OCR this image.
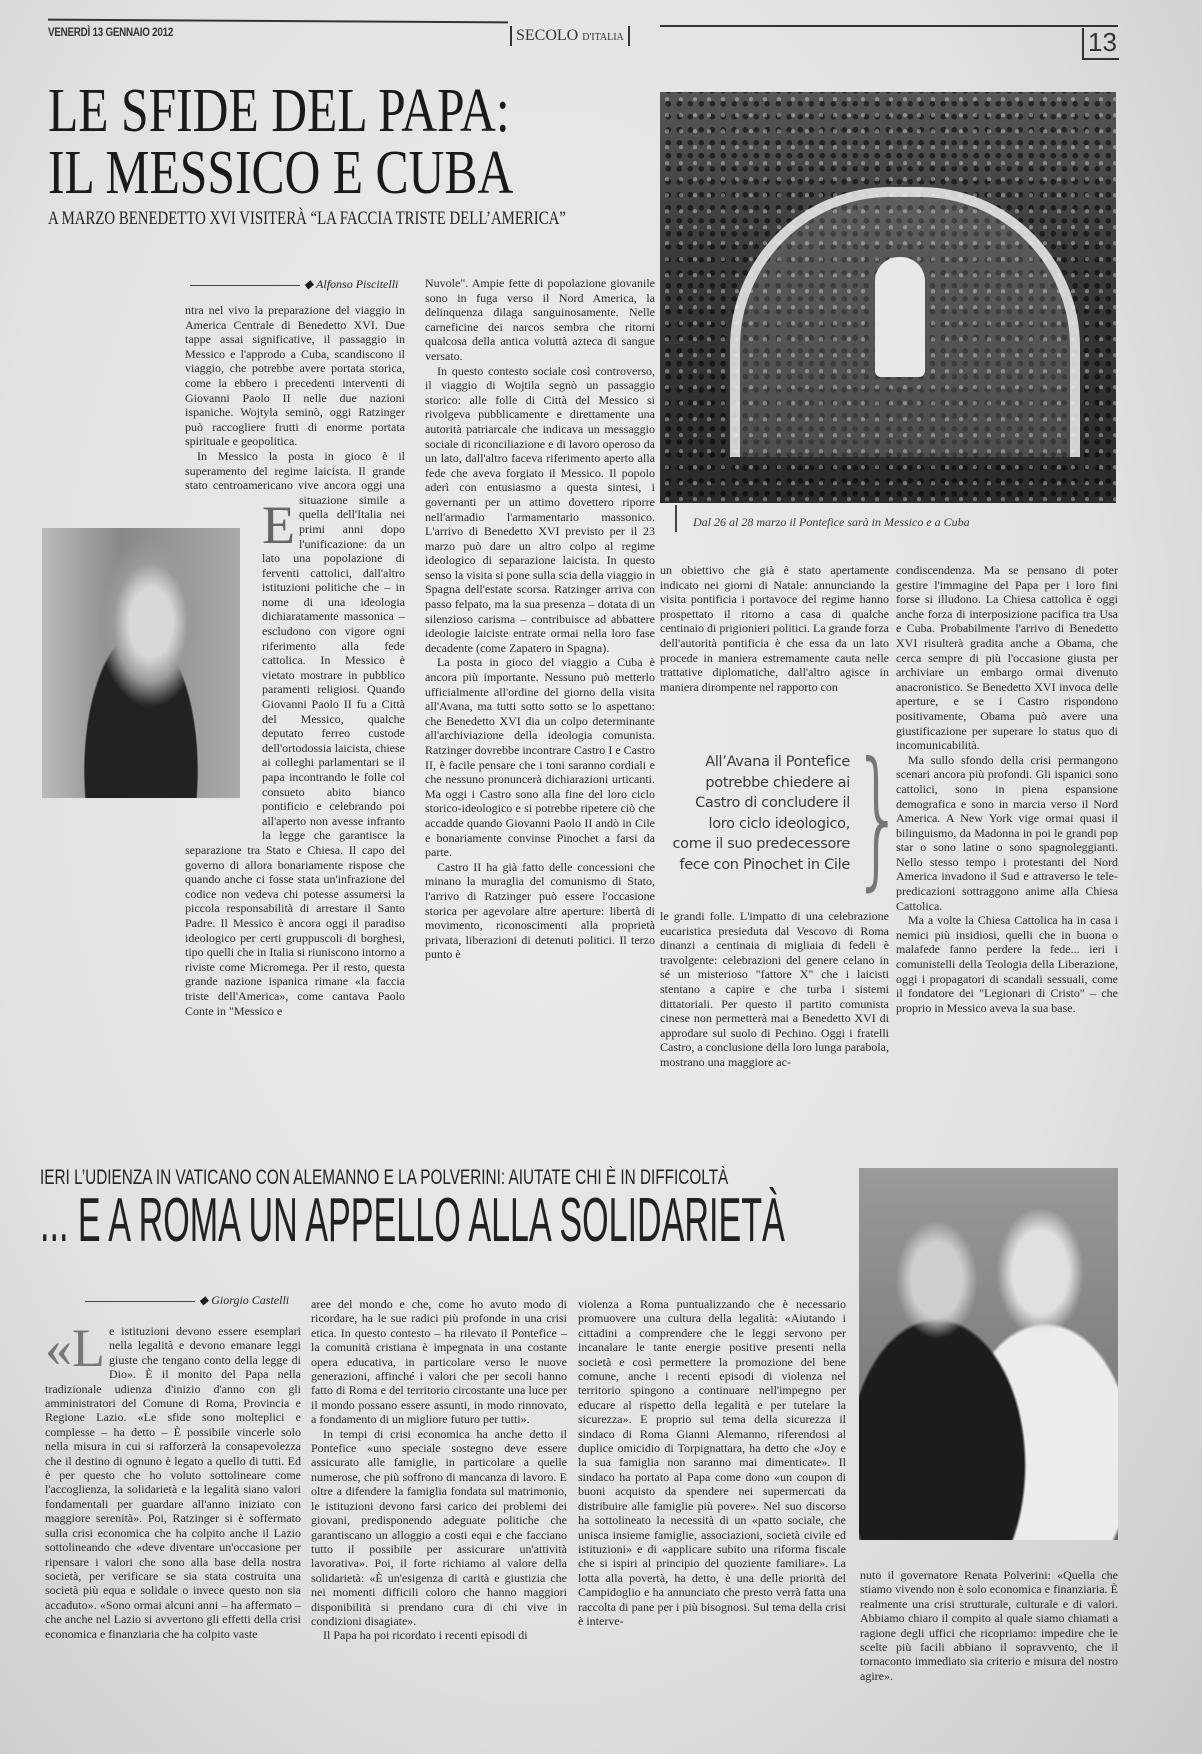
VENERDÌ 13 GENNAIO 2012	SECOLO D'ITALIA	13
LE SFIDE DEL PAPA:
IL MESSICO E CUBA
A MARZO BENEDETTO XVI VISITERÀ “LA FACCIA TRISTE DELL’AMERICA”
Dal 26 al 28 marzo il Pontefice sarà in Messico e a Cuba
◆ Alfonso Piscitelli
E

ntra nel vivo la preparazione del viaggio in America Centrale di Benedetto XVI. Due tappe assai significative, il passaggio in Messico e l'approdo a Cuba, scandiscono il viaggio, che potrebbe avere portata storica, come la ebbero i precedenti interventi di Giovanni Paolo II nelle due nazioni ispaniche. Wojtyla seminò, oggi Ratzinger può raccogliere frutti di enorme portata spirituale e geopolitica.

In Messico la posta in gioco è il superamento del regime laicista. Il grande stato centroamericano vive ancora oggi una situazione simile a quella dell'Italia nei primi anni dopo l'unificazione: da un lato una popolazione di ferventi cattolici, dall'altro istituzioni politiche che – in nome di una ideologia dichiaratamente massonica – escludono con vigore ogni riferimento alla fede cattolica. In Messico è vietato mostrare in pubblico paramenti religiosi. Quando Giovanni Paolo II fu a Città del Messico, qualche deputato ferreo custode dell'ortodossia laicista, chiese ai colleghi parlamentari se il papa incontrando le folle col consueto abito bianco pontificio e celebrando poi all'aperto non avesse infranto la legge che garantisce la separazione tra Stato e Chiesa. Il capo del governo di allora bonariamente rispose che quando anche ci fosse stata un'infrazione del codice non vedeva chi potesse assumersi la piccola responsabilità di arrestare il Santo Padre. Il Messico è ancora oggi il paradiso ideologico per certi gruppuscoli di borghesi, tipo quelli che in Italia si riuniscono intorno a riviste come Micromega. Per il resto, questa grande nazione ispanica rimane «la faccia triste dell'America», come cantava Paolo Conte in "Messico e

Nuvole". Ampie fette di popolazione giovanile sono in fuga verso il Nord America, la delinquenza dilaga sanguinosamente. Nelle carneficine dei narcos sembra che ritorni qualcosa della antica voluttà azteca di sangue versato.

In questo contesto sociale così controverso, il viaggio di Wojtila segnò un passaggio storico: alle folle di Città del Messico si rivolgeva pubblicamente e direttamente una autorità patriarcale che indicava un messaggio sociale di riconciliazione e di lavoro operoso da un lato, dall'altro faceva riferimento aperto alla fede che aveva forgiato il Messico. Il popolo aderì con entusiasmo a questa sintesi, i governanti per un attimo dovettero riporre nell'armadio l'armamentario massonico. L'arrivo di Benedetto XVI previsto per il 23 marzo può dare un altro colpo al regime ideologico di separazione laicista. In questo senso la visita si pone sulla scia della viaggio in Spagna dell'estate scorsa. Ratzinger arriva con passo felpato, ma la sua presenza – dotata di un silenzioso carisma – contribuisce ad abbattere ideologie laiciste entrate ormai nella loro fase decadente (come Zapatero in Spagna).

La posta in gioco del viaggio a Cuba è ancora più importante. Nessuno può metterlo ufficialmente all'ordine del giorno della visita all'Avana, ma tutti sotto sotto se lo aspettano: che Benedetto XVI dia un colpo determinante all'archiviazione della ideologia comunista. Ratzinger dovrebbe incontrare Castro I e Castro II, è facile pensare che i toni saranno cordiali e che nessuno pronuncerà dichiarazioni urticanti. Ma oggi i Castro sono alla fine del loro ciclo storico-ideologico e si potrebbe ripetere ciò che accadde quando Giovanni Paolo II andò in Cile e bonariamente convinse Pinochet a farsi da parte.

Castro II ha già fatto delle concessioni che minano la muraglia del comunismo di Stato, l'arrivo di Ratzinger può essere l'occasione storica per agevolare altre aperture: libertà di movimento, riconoscimenti alla proprietà privata, liberazioni di detenuti politici. Il terzo punto è

un obiettivo che già è stato apertamente indicato nei giorni di Natale: annunciando la visita pontificia i portavoce del regime hanno prospettato il ritorno a casa di qualche centinaio di prigionieri politici. La grande forza dell'autorità pontificia è che essa da un lato procede in maniera estremamente cauta nelle trattative diplomatiche, dall'altro agisce in maniera dirompente nel rapporto con

All’Avana il Pontefice potrebbe chiedere ai Castro di concludere il loro ciclo ideologico, come il suo predecessore fece con Pinochet in Cile }

le grandi folle. L'impatto di una celebrazione eucaristica presieduta dal Vescovo di Roma dinanzi a centinaia di migliaia di fedeli è travolgente: celebrazioni del genere celano in sé un misterioso "fattore X" che i laicisti stentano a capire e che turba i sistemi dittatoriali. Per questo il partito comunista cinese non permetterà mai a Benedetto XVI di approdare sul suolo di Pechino. Oggi i fratelli Castro, a conclusione della loro lunga parabola, mostrano una maggiore ac-

condiscendenza. Ma se pensano di poter gestire l'immagine del Papa per i loro fini forse si illudono. La Chiesa cattolica è oggi anche forza di interposizione pacifica tra Usa e Cuba. Probabilmente l'arrivo di Benedetto XVI risulterà gradita anche a Obama, che cerca sempre di più l'occasione giusta per archiviare un embargo ormai divenuto anacronistico. Se Benedetto XVI invoca delle aperture, e se i Castro rispondono positivamente, Obama può avere una giustificazione per superare lo status quo di incomunicabilità.

Ma sullo sfondo della crisi permangono scenari ancora più profondi. Gli ispanici sono cattolici, sono in piena espansione demografica e sono in marcia verso il Nord America. A New York vige ormai quasi il bilinguismo, da Madonna in poi le grandi pop star o sono latine o sono spagnoleggianti. Nello stesso tempo i protestanti del Nord America invadono il Sud e attraverso le tele-predicazioni sottraggono anime alla Chiesa Cattolica.

Ma a volte la Chiesa Cattolica ha in casa i nemici più insidiosi, quelli che in buona o malafede fanno perdere la fede... ieri i comunistelli della Teologia della Liberazione, oggi i propagatori di scandali sessuali, come il fondatore dei "Legionari di Cristo" – che proprio in Messico aveva la sua base.

IERI L’UDIENZA IN VATICANO CON ALEMANNO E LA POLVERINI: AIUTATE CHI È IN DIFFICOLTÀ
... E A ROMA UN APPELLO ALLA SOLIDARIETÀ
◆ Giorgio Castelli
«L e istituzioni devono essere esemplari nella legalità e devono emanare leggi giuste che tengano conto della legge di Dio». È il monito del Papa nella tradizionale udienza d'inizio d'anno con gli amministratori del Comune di Roma, Provincia e Regione Lazio. «Le sfide sono molteplici e complesse – ha detto – È possibile vincerle solo nella misura in cui si rafforzerà la consapevolezza che il destino di ognuno è legato a quello di tutti. Ed è per questo che ho voluto sottolineare come l'accoglienza, la solidarietà e la legalità siano valori fondamentali per guardare all'anno iniziato con maggiore serenità». Poi, Ratzinger si è soffermato sulla crisi economica che ha colpito anche il Lazio sottolineando che «deve diventare un'occasione per ripensare i valori che sono alla base della nostra società, per verificare se sia stata costruita una società più equa e solidale o invece questo non sia accaduto». «Sono ormai alcuni anni – ha affermato – che anche nel Lazio si avvertono gli effetti della crisi economica e finanziaria che ha colpito vaste

aree del mondo e che, come ho avuto modo di ricordare, ha le sue radici più profonde in una crisi etica. In questo contesto – ha rilevato il Pontefice – la comunità cristiana è impegnata in una costante opera educativa, in particolare verso le nuove generazioni, affinché i valori che per secoli hanno fatto di Roma e del territorio circostante una luce per il mondo possano essere assunti, in modo rinnovato, a fondamento di un migliore futuro per tutti».

In tempi di crisi economica ha anche detto il Pontefice «uno speciale sostegno deve essere assicurato alle famiglie, in particolare a quelle numerose, che più soffrono di mancanza di lavoro. E oltre a difendere la famiglia fondata sul matrimonio, le istituzioni devono farsi carico dei problemi dei giovani, predisponendo adeguate politiche che garantiscano un alloggio a costi equi e che facciano tutto il possibile per assicurare un'attività lavorativa». Poi, il forte richiamo al valore della solidarietà: «È un'esigenza di carità e giustizia che nei momenti difficili coloro che hanno maggiori disponibilità si prendano cura di chi vive in condizioni disagiate».

Il Papa ha poi ricordato i recenti episodi di

violenza a Roma puntualizzando che è necessario promuovere una cultura della legalità: «Aiutando i cittadini a comprendere che le leggi servono per incanalare le tante energie positive presenti nella società e così permettere la promozione del bene comune, anche i recenti episodi di violenza nel territorio spingono a continuare nell'impegno per educare al rispetto della legalità e per tutelare la sicurezza». E proprio sul tema della sicurezza il sindaco di Roma Gianni Alemanno, riferendosi al duplice omicidio di Torpignattara, ha detto che «Joy e la sua famiglia non saranno mai dimenticate». Il sindaco ha portato al Papa come dono «un coupon di buoni acquisto da spendere nei supermercati da distribuire alle famiglie più povere». Nel suo discorso ha sottolineato la necessità di un «patto sociale, che unisca insieme famiglie, associazioni, società civile ed istituzioni» e di «applicare subito una riforma fiscale che si ispiri al principio del quoziente familiare». La lotta alla povertà, ha detto, è una delle priorità del Campidoglio e ha annunciato che presto verrà fatta una raccolta di pane per i più bisognosi. Sul tema della crisi è interve-

nuto il governatore Renata Polverini: «Quella che stiamo vivendo non è solo economica e finanziaria. È realmente una crisi strutturale, culturale e di valori. Abbiamo chiaro il compito al quale siamo chiamati a ragione degli uffici che ricopriamo: impedire che le scelte più facili abbiano il sopravvento, che il tornaconto immediato sia criterio e misura del nostro agire».
